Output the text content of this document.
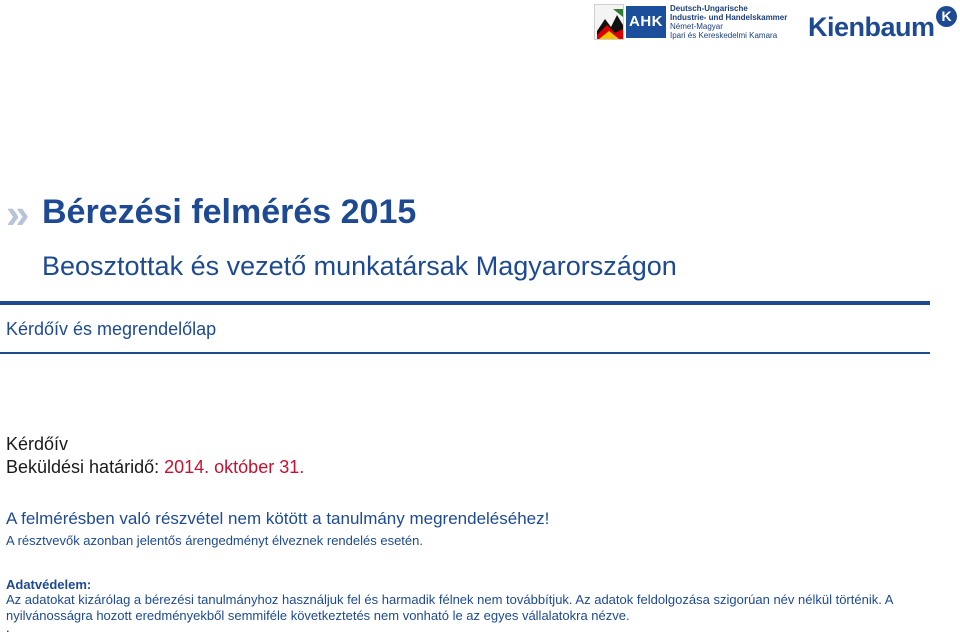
AHK
Deutsch-Ungarische
Industrie- und Handelskammer
Német-Magyar
Ipari és Kereskedelmi Kamara	Kienbaum K
» Bérezési felmérés 2015
Beosztottak és vezető munkatársak Magyarországon
Kérdőív és megrendelőlap
Kérdőív
Beküldési határidő: 2014. október 31.
A felmérésben való részvétel nem kötött a tanulmány megrendeléséhez!
A résztvevők azonban jelentős árengedményt élveznek rendelés esetén.
Adatvédelem:
Az adatokat kizárólag a bérezési tanulmányhoz használjuk fel és harmadik félnek nem továbbítjuk. Az adatok feldolgozása szigorúan név nélkül történik. A nyilvánosságra hozott eredményekből semmiféle következtetés nem vonható le az egyes vállalatokra nézve.
.
